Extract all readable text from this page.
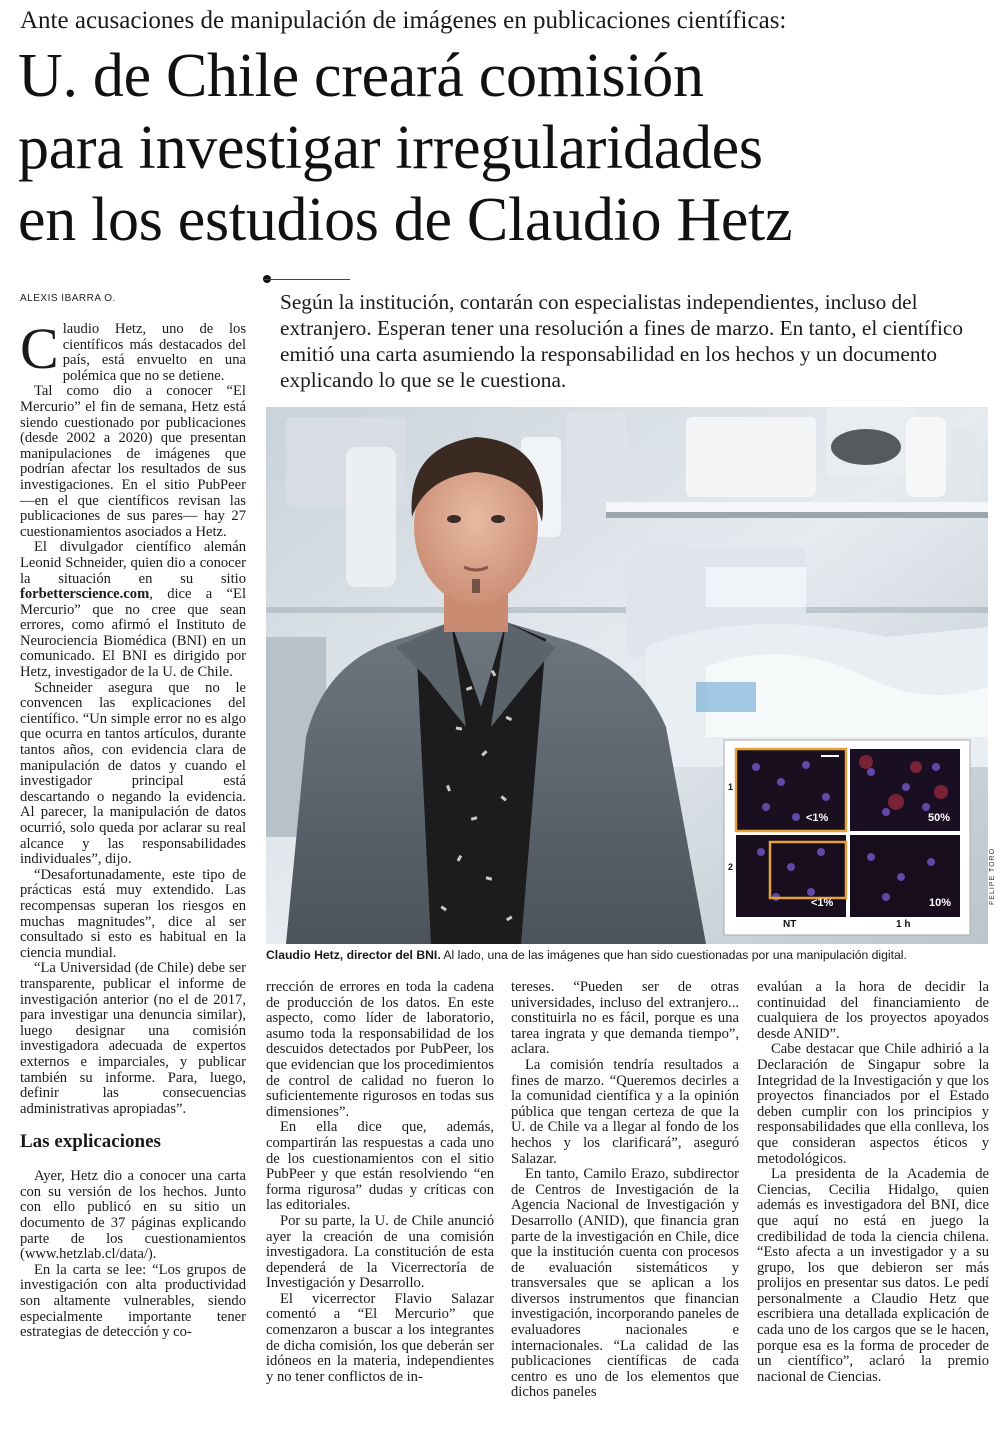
Ante acusaciones de manipulación de imágenes en publicaciones científicas:
U. de Chile creará comisión
para investigar irregularidades
en los estudios de Claudio Hetz
ALEXIS IBARRA O.	Según la institución, contarán con especialistas independientes, incluso del extranjero. Esperan tener una resolución a fines de marzo. En tanto, el científico emitió una carta asumiendo la responsabilidad en los hechos y un documento explicando lo que se le cuestiona.

Claudio Hetz, uno de los científicos más destacados del país, está envuelto en una polémica que no se detiene.

Tal como dio a conocer “El Mercurio” el fin de semana, Hetz está siendo cuestionado por publicaciones (desde 2002 a 2020) que presentan manipulaciones de imágenes que podrían afectar los resultados de sus investigaciones. En el sitio PubPeer —en el que científicos revisan las publicaciones de sus pares— hay 27 cuestionamientos asociados a Hetz.

El divulgador científico alemán Leonid Schneider, quien dio a conocer la situación en su sitio forbetterscience.com, dice a “El Mercurio” que no cree que sean errores, como afirmó el Instituto de Neurociencia Biomédica (BNI) en un comunicado. El BNI es dirigido por Hetz, investigador de la U. de Chile.

Schneider asegura que no le convencen las explicaciones del científico. “Un simple error no es algo que ocurra en tantos artículos, durante tantos años, con evidencia clara de manipulación de datos y cuando el investigador principal está descartando o negando la evidencia. Al parecer, la manipulación de datos ocurrió, solo queda por aclarar su real alcance y las responsabilidades individuales”, dijo.

“Desafortunadamente, este tipo de prácticas está muy extendido. Las recompensas superan los riesgos en muchas magnitudes”, dice al ser consultado si esto es habitual en la ciencia mundial.

“La Universidad (de Chile) debe ser transparente, publicar el informe de investigación anterior (no el de 2017, para investigar una denuncia similar), luego designar una comisión investigadora adecuada de expertos externos e imparciales, y publicar también su informe. Para, luego, definir las consecuencias administrativas apropiadas”.

Las explicaciones

Ayer, Hetz dio a conocer una carta con su versión de los hechos. Junto con ello publicó en su sitio un documento de 37 páginas explicando parte de los cuestionamientos (www.hetzlab.cl/data/).

En la carta se lee: “Los grupos de investigación con alta productividad son altamente vulnerables, siendo especialmente importante tener estrategias de detección y co-

1
2
<1%	50%
<1%	10%
NT	1 h
FELIPE TORO
Claudio Hetz, director del BNI. Al lado, una de las imágenes que han sido cuestionadas por una manipulación digital.

rrección de errores en toda la cadena de producción de los datos. En este aspecto, como líder de laboratorio, asumo toda la responsabilidad de los descuidos detectados por PubPeer, los que evidencian que los procedimientos de control de calidad no fueron lo suficientemente rigurosos en todas sus dimensiones”.

En ella dice que, además, compartirán las respuestas a cada uno de los cuestionamientos con el sitio PubPeer y que están resolviendo “en forma rigurosa” dudas y críticas con las editoriales.

Por su parte, la U. de Chile anunció ayer la creación de una comisión investigadora. La constitución de esta dependerá de la Vicerrectoría de Investigación y Desarrollo.

El vicerrector Flavio Salazar comentó a “El Mercurio” que comenzaron a buscar a los integrantes de dicha comisión, los que deberán ser idóneos en la materia, independientes y no tener conflictos de in-

tereses. “Pueden ser de otras universidades, incluso del extranjero... constituirla no es fácil, porque es una tarea ingrata y que demanda tiempo”, aclara.

La comisión tendría resultados a fines de marzo. “Queremos decirles a la comunidad científica y a la opinión pública que tengan certeza de que la U. de Chile va a llegar al fondo de los hechos y los clarificará”, aseguró Salazar.

En tanto, Camilo Erazo, subdirector de Centros de Investigación de la Agencia Nacional de Investigación y Desarrollo (ANID), que financia gran parte de la investigación en Chile, dice que la institución cuenta con procesos de evaluación sistemáticos y transversales que se aplican a los diversos instrumentos que financian investigación, incorporando paneles de evaluadores nacionales e internacionales. “La calidad de las publicaciones científicas de cada centro es uno de los elementos que dichos paneles

evalúan a la hora de decidir la continuidad del financiamiento de cualquiera de los proyectos apoyados desde ANID”.

Cabe destacar que Chile adhirió a la Declaración de Singapur sobre la Integridad de la Investigación y que los proyectos financiados por el Estado deben cumplir con los principios y responsabilidades que ella conlleva, los que consideran aspectos éticos y metodológicos.

La presidenta de la Academia de Ciencias, Cecilia Hidalgo, quien además es investigadora del BNI, dice que aquí no está en juego la credibilidad de toda la ciencia chilena. “Esto afecta a un investigador y a su grupo, los que debieron ser más prolijos en presentar sus datos. Le pedí personalmente a Claudio Hetz que escribiera una detallada explicación de cada uno de los cargos que se le hacen, porque esa es la forma de proceder de un científico”, aclaró la premio nacional de Ciencias.
